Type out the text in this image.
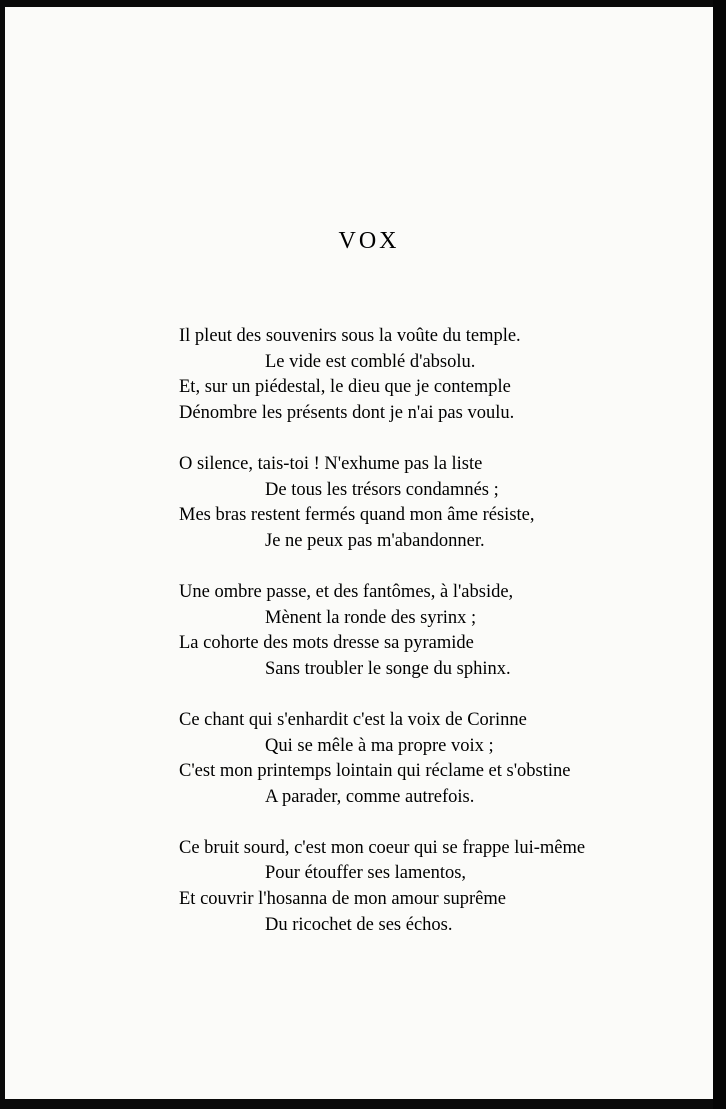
VOX
Il pleut des souvenirs sous la voûte du temple.
Le vide est comblé d'absolu.
Et, sur un piédestal, le dieu que je contemple
Dénombre les présents dont je n'ai pas voulu.
O silence, tais-toi ! N'exhume pas la liste
De tous les trésors condamnés ;
Mes bras restent fermés quand mon âme résiste,
Je ne peux pas m'abandonner.
Une ombre passe, et des fantômes, à l'abside,
Mènent la ronde des syrinx ;
La cohorte des mots dresse sa pyramide
Sans troubler le songe du sphinx.
Ce chant qui s'enhardit c'est la voix de Corinne
Qui se mêle à ma propre voix ;
C'est mon printemps lointain qui réclame et s'obstine
A parader, comme autrefois.
Ce bruit sourd, c'est mon coeur qui se frappe lui-même
Pour étouffer ses lamentos,
Et couvrir l'hosanna de mon amour suprême
Du ricochet de ses échos.
